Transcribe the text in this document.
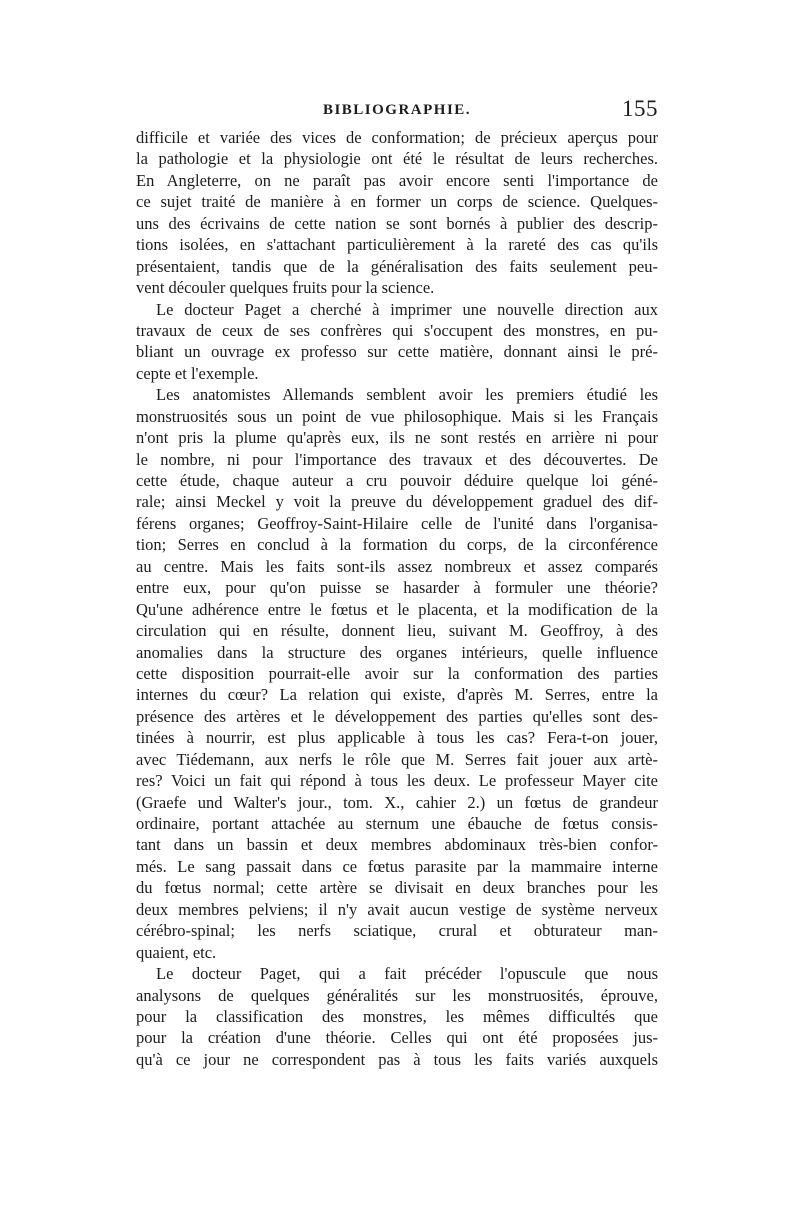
BIBLIOGRAPHIE.	155
difficile et variée des vices de conformation; de précieux aperçus pour
la pathologie et la physiologie ont été le résultat de leurs recherches.
En Angleterre, on ne paraît pas avoir encore senti l'importance de
ce sujet traité de manière à en former un corps de science. Quelques-
uns des écrivains de cette nation se sont bornés à publier des descrip-
tions isolées, en s'attachant particulièrement à la rareté des cas qu'ils
présentaient, tandis que de la généralisation des faits seulement peu-
vent découler quelques fruits pour la science.
Le docteur Paget a cherché à imprimer une nouvelle direction aux
travaux de ceux de ses confrères qui s'occupent des monstres, en pu-
bliant un ouvrage ex professo sur cette matière, donnant ainsi le pré-
cepte et l'exemple.
Les anatomistes Allemands semblent avoir les premiers étudié les
monstruosités sous un point de vue philosophique. Mais si les Français
n'ont pris la plume qu'après eux, ils ne sont restés en arrière ni pour
le nombre, ni pour l'importance des travaux et des découvertes. De
cette étude, chaque auteur a cru pouvoir déduire quelque loi géné-
rale; ainsi Meckel y voit la preuve du développement graduel des dif-
férens organes; Geoffroy-Saint-Hilaire celle de l'unité dans l'organisa-
tion; Serres en conclud à la formation du corps, de la circonférence
au centre. Mais les faits sont-ils assez nombreux et assez comparés
entre eux, pour qu'on puisse se hasarder à formuler une théorie?
Qu'une adhérence entre le fœtus et le placenta, et la modification de la
circulation qui en résulte, donnent lieu, suivant M. Geoffroy, à des
anomalies dans la structure des organes intérieurs, quelle influence
cette disposition pourrait-elle avoir sur la conformation des parties
internes du cœur? La relation qui existe, d'après M. Serres, entre la
présence des artères et le développement des parties qu'elles sont des-
tinées à nourrir, est plus applicable à tous les cas? Fera-t-on jouer,
avec Tiédemann, aux nerfs le rôle que M. Serres fait jouer aux artè-
res? Voici un fait qui répond à tous les deux. Le professeur Mayer cite
(Graefe und Walter's jour., tom. X., cahier 2.) un fœtus de grandeur
ordinaire, portant attachée au sternum une ébauche de fœtus consis-
tant dans un bassin et deux membres abdominaux très-bien confor-
més. Le sang passait dans ce fœtus parasite par la mammaire interne
du fœtus normal; cette artère se divisait en deux branches pour les
deux membres pelviens; il n'y avait aucun vestige de système nerveux
cérébro-spinal; les nerfs sciatique, crural et obturateur man-
quaient, etc.
Le docteur Paget, qui a fait précéder l'opuscule que nous
analysons de quelques généralités sur les monstruosités, éprouve,
pour la classification des monstres, les mêmes difficultés que
pour la création d'une théorie. Celles qui ont été proposées jus-
qu'à ce jour ne correspondent pas à tous les faits variés auxquels
